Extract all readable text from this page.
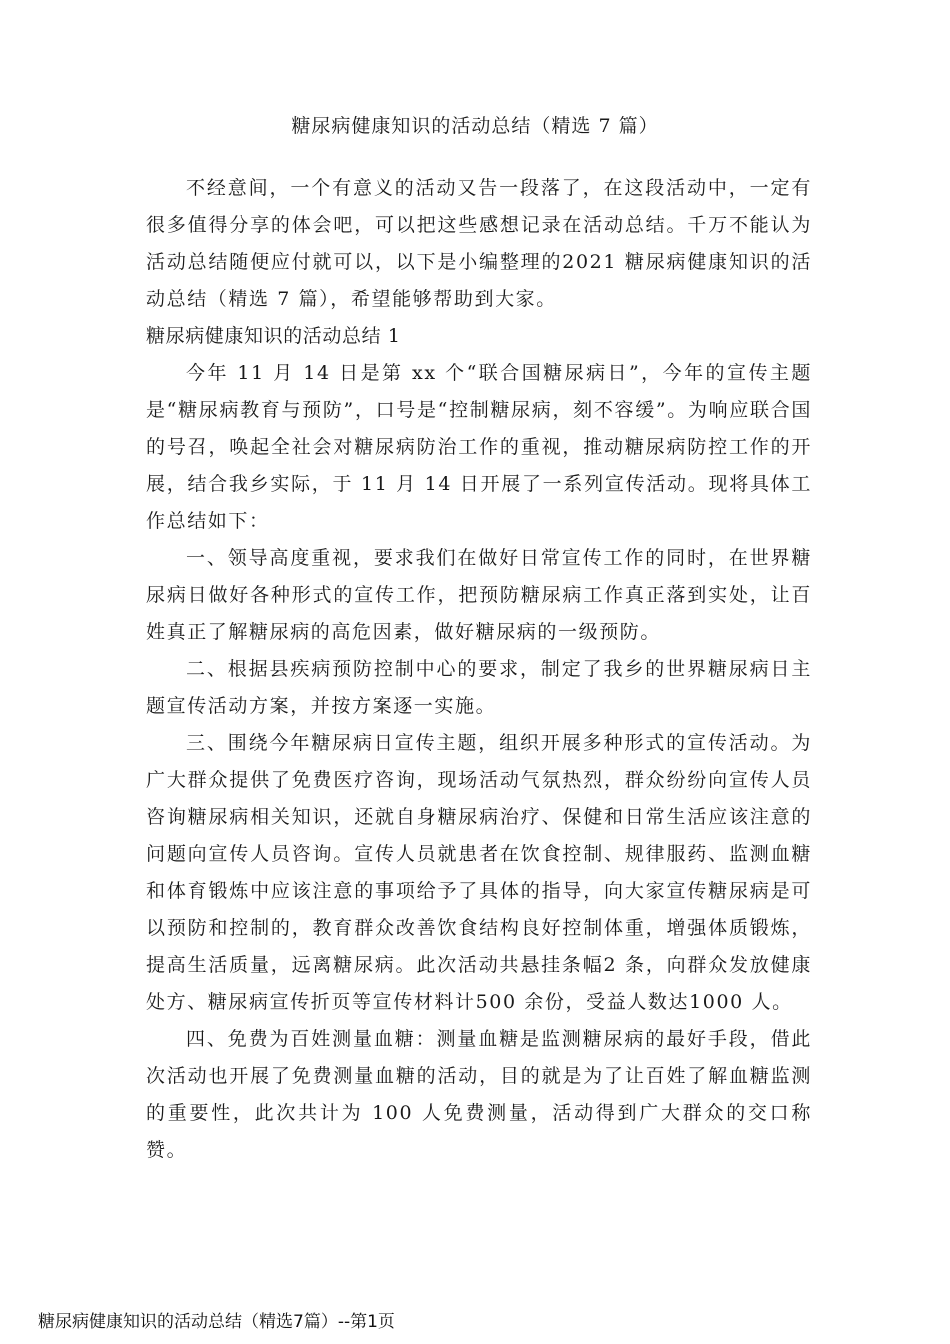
糖尿病健康知识的活动总结（精选 7 篇）

不经意间，一个有意义的活动又告一段落了，在这段活动中，一定有很多值得分享的体会吧，可以把这些感想记录在活动总结。千万不能认为活动总结随便应付就可以，以下是小编整理的2021 糖尿病健康知识的活动总结（精选 7 篇），希望能够帮助到大家。

糖尿病健康知识的活动总结 1

今年 11 月 14 日是第 xx 个“联合国糖尿病日”，今年的宣传主题是“糖尿病教育与预防”，口号是“控制糖尿病，刻不容缓”。为响应联合国的号召，唤起全社会对糖尿病防治工作的重视，推动糖尿病防控工作的开展，结合我乡实际，于 11 月 14 日开展了一系列宣传活动。现将具体工作总结如下：

一、领导高度重视，要求我们在做好日常宣传工作的同时，在世界糖尿病日做好各种形式的宣传工作，把预防糖尿病工作真正落到实处，让百姓真正了解糖尿病的高危因素，做好糖尿病的一级预防。

二、根据县疾病预防控制中心的要求，制定了我乡的世界糖尿病日主题宣传活动方案，并按方案逐一实施。

三、围绕今年糖尿病日宣传主题，组织开展多种形式的宣传活动。为广大群众提供了免费医疗咨询，现场活动气氛热烈，群众纷纷向宣传人员咨询糖尿病相关知识，还就自身糖尿病治疗、保健和日常生活应该注意的问题向宣传人员咨询。宣传人员就患者在饮食控制、规律服药、监测血糖和体育锻炼中应该注意的事项给予了具体的指导，向大家宣传糖尿病是可以预防和控制的，教育群众改善饮食结构良好控制体重，增强体质锻炼，提高生活质量，远离糖尿病。此次活动共悬挂条幅2 条，向群众发放健康处方、糖尿病宣传折页等宣传材料计500 余份，受益人数达1000 人。

四、免费为百姓测量血糖：测量血糖是监测糖尿病的最好手段，借此次活动也开展了免费测量血糖的活动，目的就是为了让百姓了解血糖监测的重要性，此次共计为 100 人免费测量，活动得到广大群众的交口称赞。

糖尿病健康知识的活动总结（精选7篇）--第1页
